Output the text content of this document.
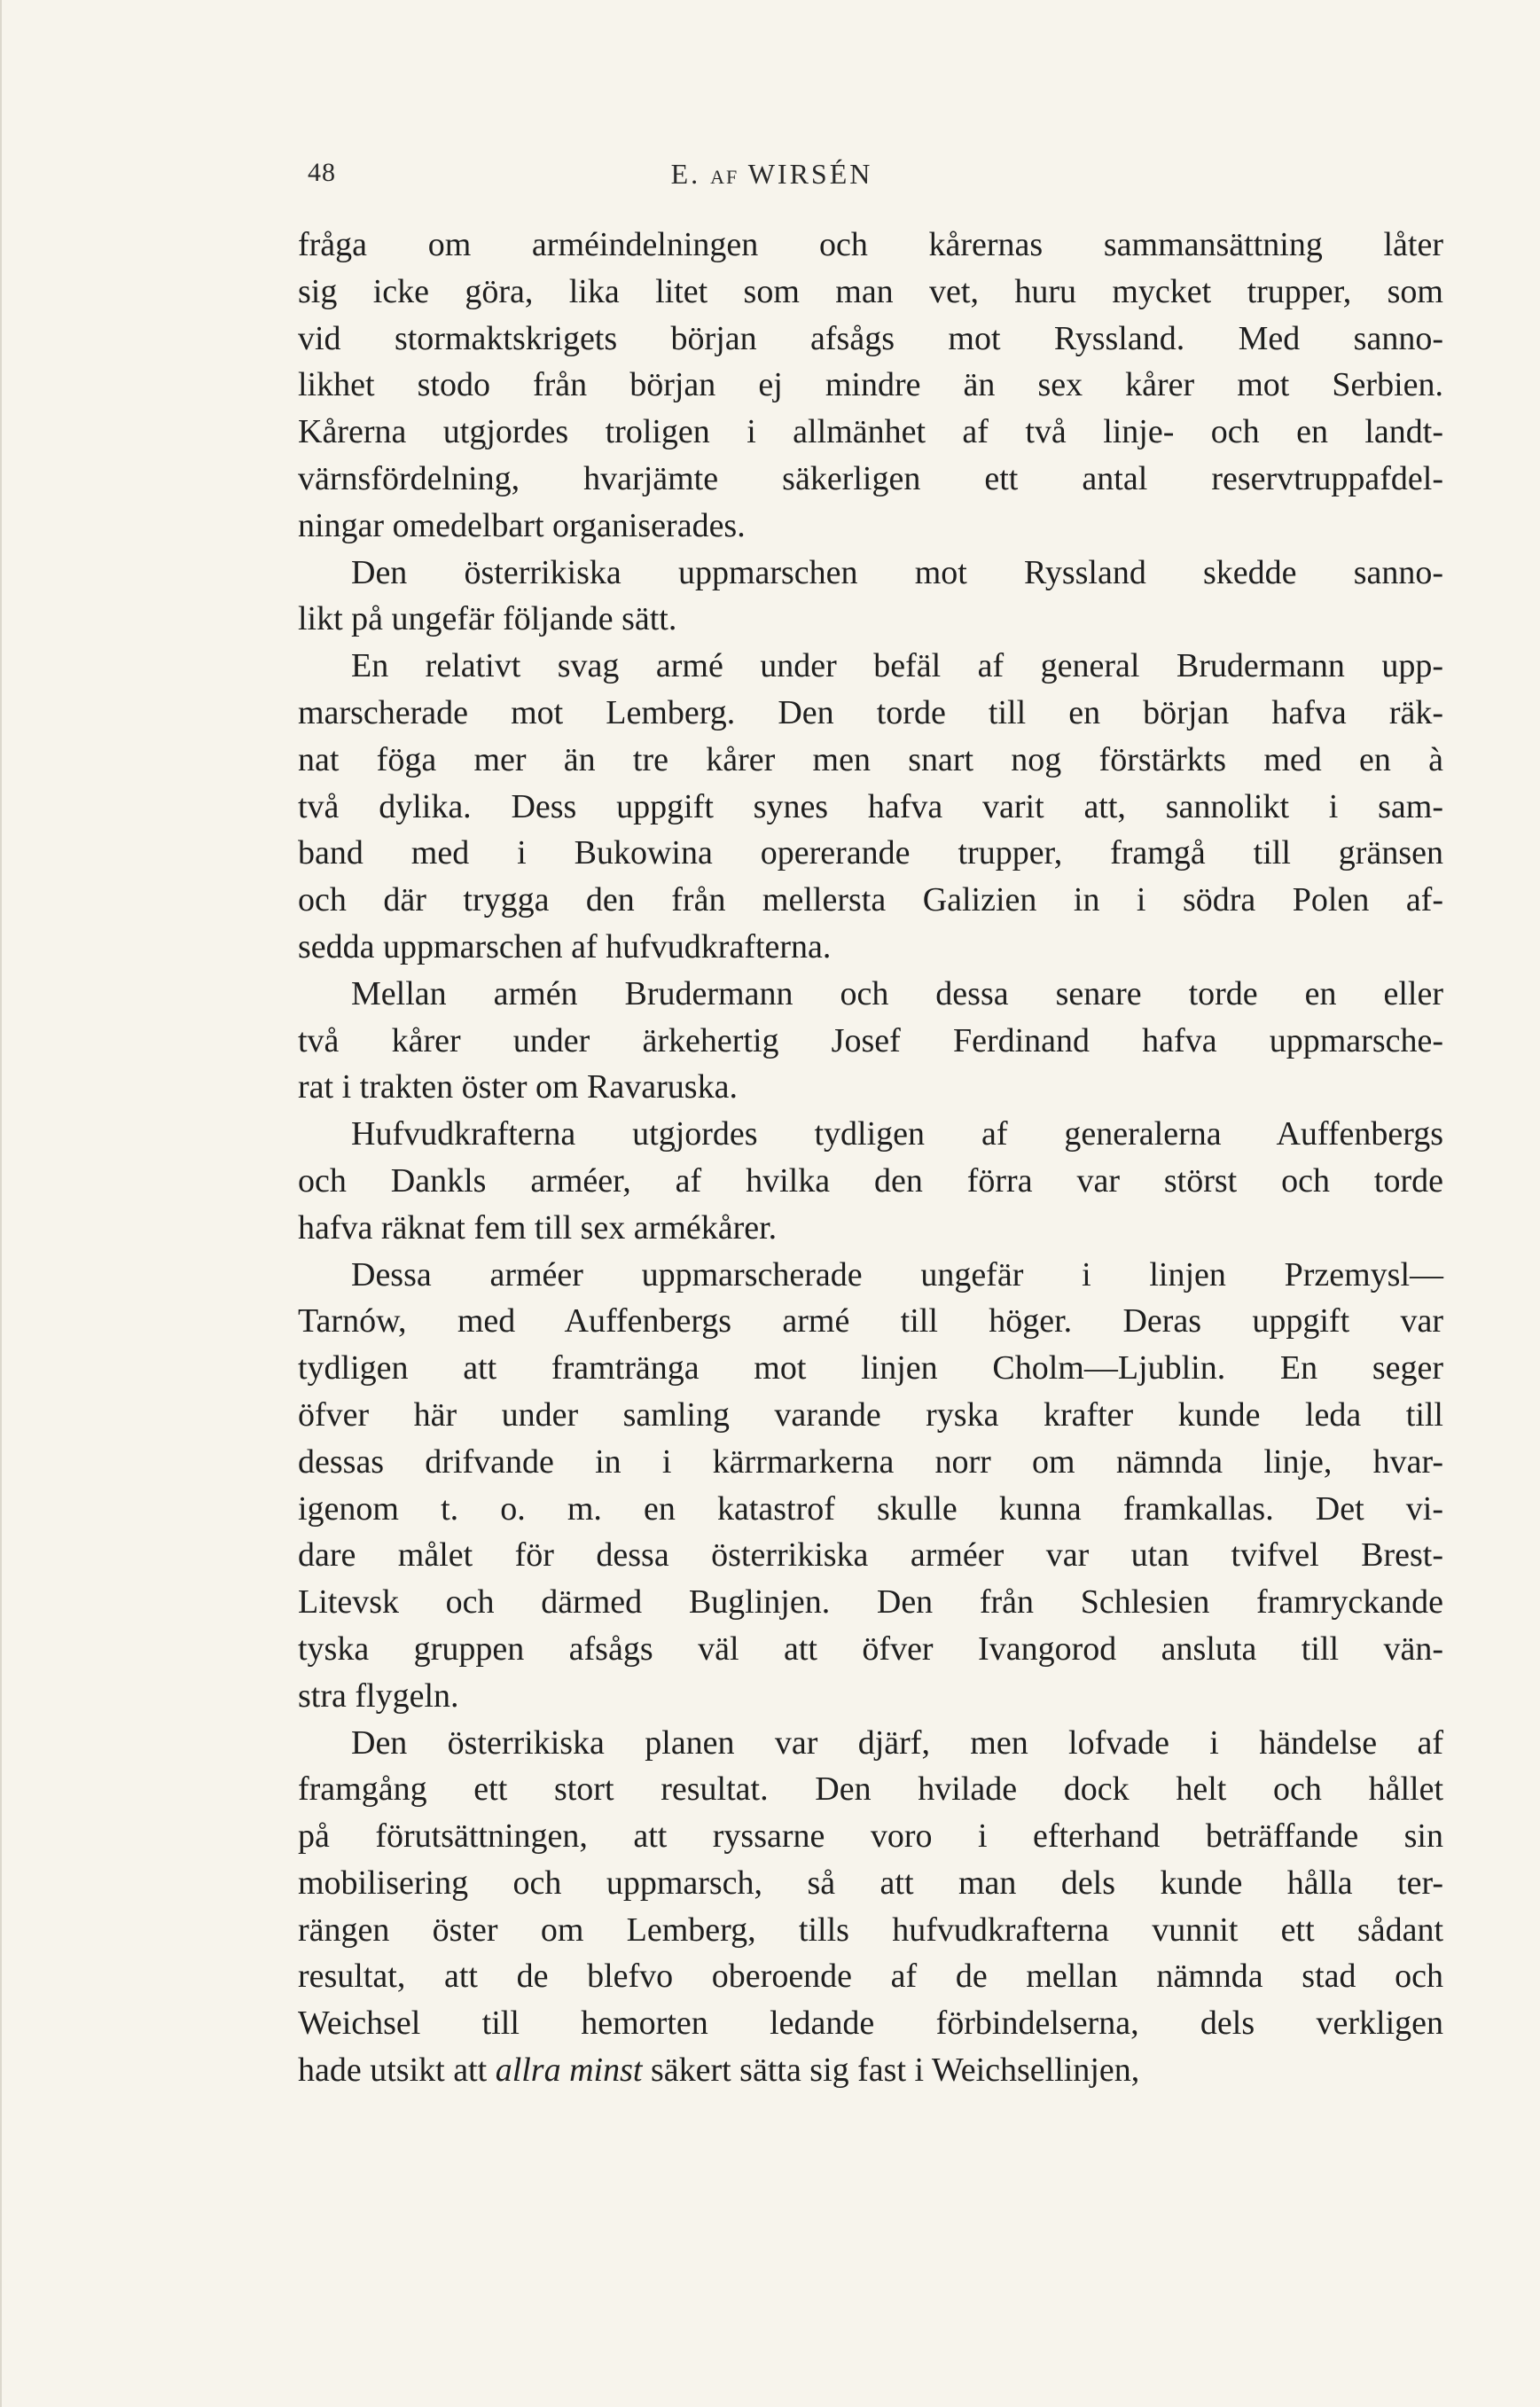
48	E. AF WIRSÉN

fråga om arméindelningen och kårernas sammansättning låter
sig icke göra, lika litet som man vet, huru mycket trupper, som
vid stormaktskrigets början afsågs mot Ryssland. Med sanno-
likhet stodo från början ej mindre än sex kårer mot Serbien.
Kårerna utgjordes troligen i allmänhet af två linje- och en landt-
värnsfördelning, hvarjämte säkerligen ett antal reservtruppafdel-
ningar omedelbart organiserades.

Den österrikiska uppmarschen mot Ryssland skedde sanno-
likt på ungefär följande sätt.

En relativt svag armé under befäl af general Brudermann upp-
marscherade mot Lemberg. Den torde till en början hafva räk-
nat föga mer än tre kårer men snart nog förstärkts med en à
två dylika. Dess uppgift synes hafva varit att, sannolikt i sam-
band med i Bukowina opererande trupper, framgå till gränsen
och där trygga den från mellersta Galizien in i södra Polen af-
sedda uppmarschen af hufvudkrafterna.

Mellan armén Brudermann och dessa senare torde en eller
två kårer under ärkehertig Josef Ferdinand hafva uppmarsche-
rat i trakten öster om Ravaruska.

Hufvudkrafterna utgjordes tydligen af generalerna Auffenbergs
och Dankls arméer, af hvilka den förra var störst och torde
hafva räknat fem till sex armékårer.

Dessa arméer uppmarscherade ungefär i linjen Przemysl—
Tarnów, med Auffenbergs armé till höger. Deras uppgift var
tydligen att framtränga mot linjen Cholm—Ljublin. En seger
öfver här under samling varande ryska krafter kunde leda till
dessas drifvande in i kärrmarkerna norr om nämnda linje, hvar-
igenom t. o. m. en katastrof skulle kunna framkallas. Det vi-
dare målet för dessa österrikiska arméer var utan tvifvel Brest-
Litevsk och därmed Buglinjen. Den från Schlesien framryckande
tyska gruppen afsågs väl att öfver Ivangorod ansluta till vän-
stra flygeln.

Den österrikiska planen var djärf, men lofvade i händelse af
framgång ett stort resultat. Den hvilade dock helt och hållet
på förutsättningen, att ryssarne voro i efterhand beträffande sin
mobilisering och uppmarsch, så att man dels kunde hålla ter-
rängen öster om Lemberg, tills hufvudkrafterna vunnit ett sådant
resultat, att de blefvo oberoende af de mellan nämnda stad och
Weichsel till hemorten ledande förbindelserna, dels verkligen
hade utsikt att allra minst säkert sätta sig fast i Weichsellinjen,
